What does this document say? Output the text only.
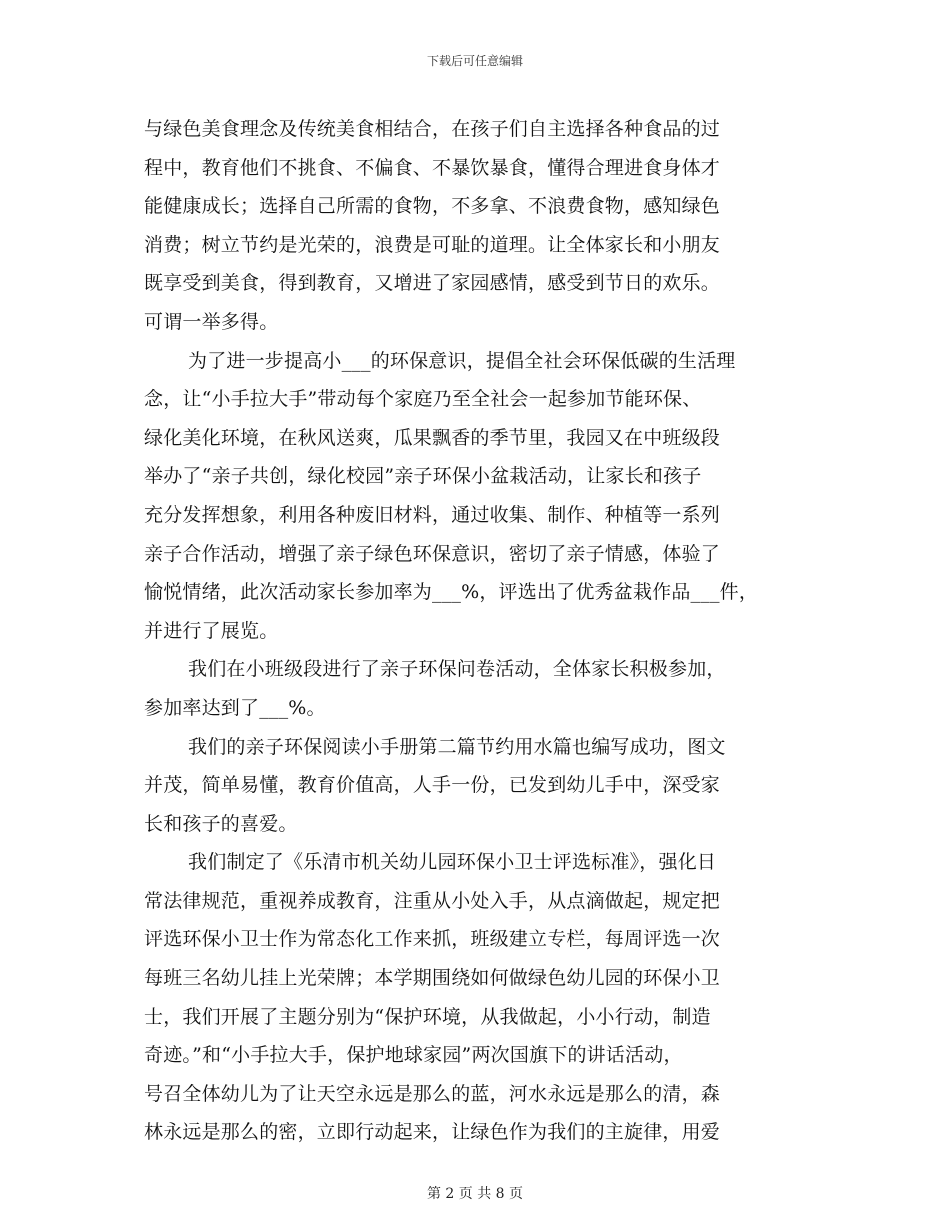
下载后可任意编辑
与绿色美食理念及传统美食相结合，在孩子们自主选择各种食品的过
程中，教育他们不挑食、不偏食、不暴饮暴食，懂得合理进食身体才
能健康成长；选择自己所需的食物，不多拿、不浪费食物，感知绿色
消费；树立节约是光荣的，浪费是可耻的道理。让全体家长和小朋友
既享受到美食，得到教育，又增进了家园感情，感受到节日的欢乐。
可谓一举多得。
为了进一步提高小___的环保意识，提倡全社会环保低碳的生活理
念，让“小手拉大手”带动每个家庭乃至全社会一起参加节能环保、
绿化美化环境，在秋风送爽，瓜果飘香的季节里，我园又在中班级段
举办了“亲子共创，绿化校园”亲子环保小盆栽活动，让家长和孩子
充分发挥想象，利用各种废旧材料，通过收集、制作、种植等一系列
亲子合作活动，增强了亲子绿色环保意识，密切了亲子情感，体验了
愉悦情绪，此次活动家长参加率为___%，评选出了优秀盆栽作品___件，
并进行了展览。
我们在小班级段进行了亲子环保问卷活动，全体家长积极参加，
参加率达到了___%。
我们的亲子环保阅读小手册第二篇节约用水篇也编写成功，图文
并茂，简单易懂，教育价值高，人手一份，已发到幼儿手中，深受家
长和孩子的喜爱。
我们制定了《乐清市机关幼儿园环保小卫士评选标准》，强化日
常法律规范，重视养成教育，注重从小处入手，从点滴做起，规定把
评选环保小卫士作为常态化工作来抓，班级建立专栏，每周评选一次
每班三名幼儿挂上光荣牌；本学期围绕如何做绿色幼儿园的环保小卫
士，我们开展了主题分别为“保护环境，从我做起，小小行动，制造
奇迹。”和“小手拉大手，保护地球家园”两次国旗下的讲话活动，
号召全体幼儿为了让天空永远是那么的蓝，河水永远是那么的清，森
林永远是那么的密，立即行动起来，让绿色作为我们的主旋律，用爱
第 2 页 共 8 页
